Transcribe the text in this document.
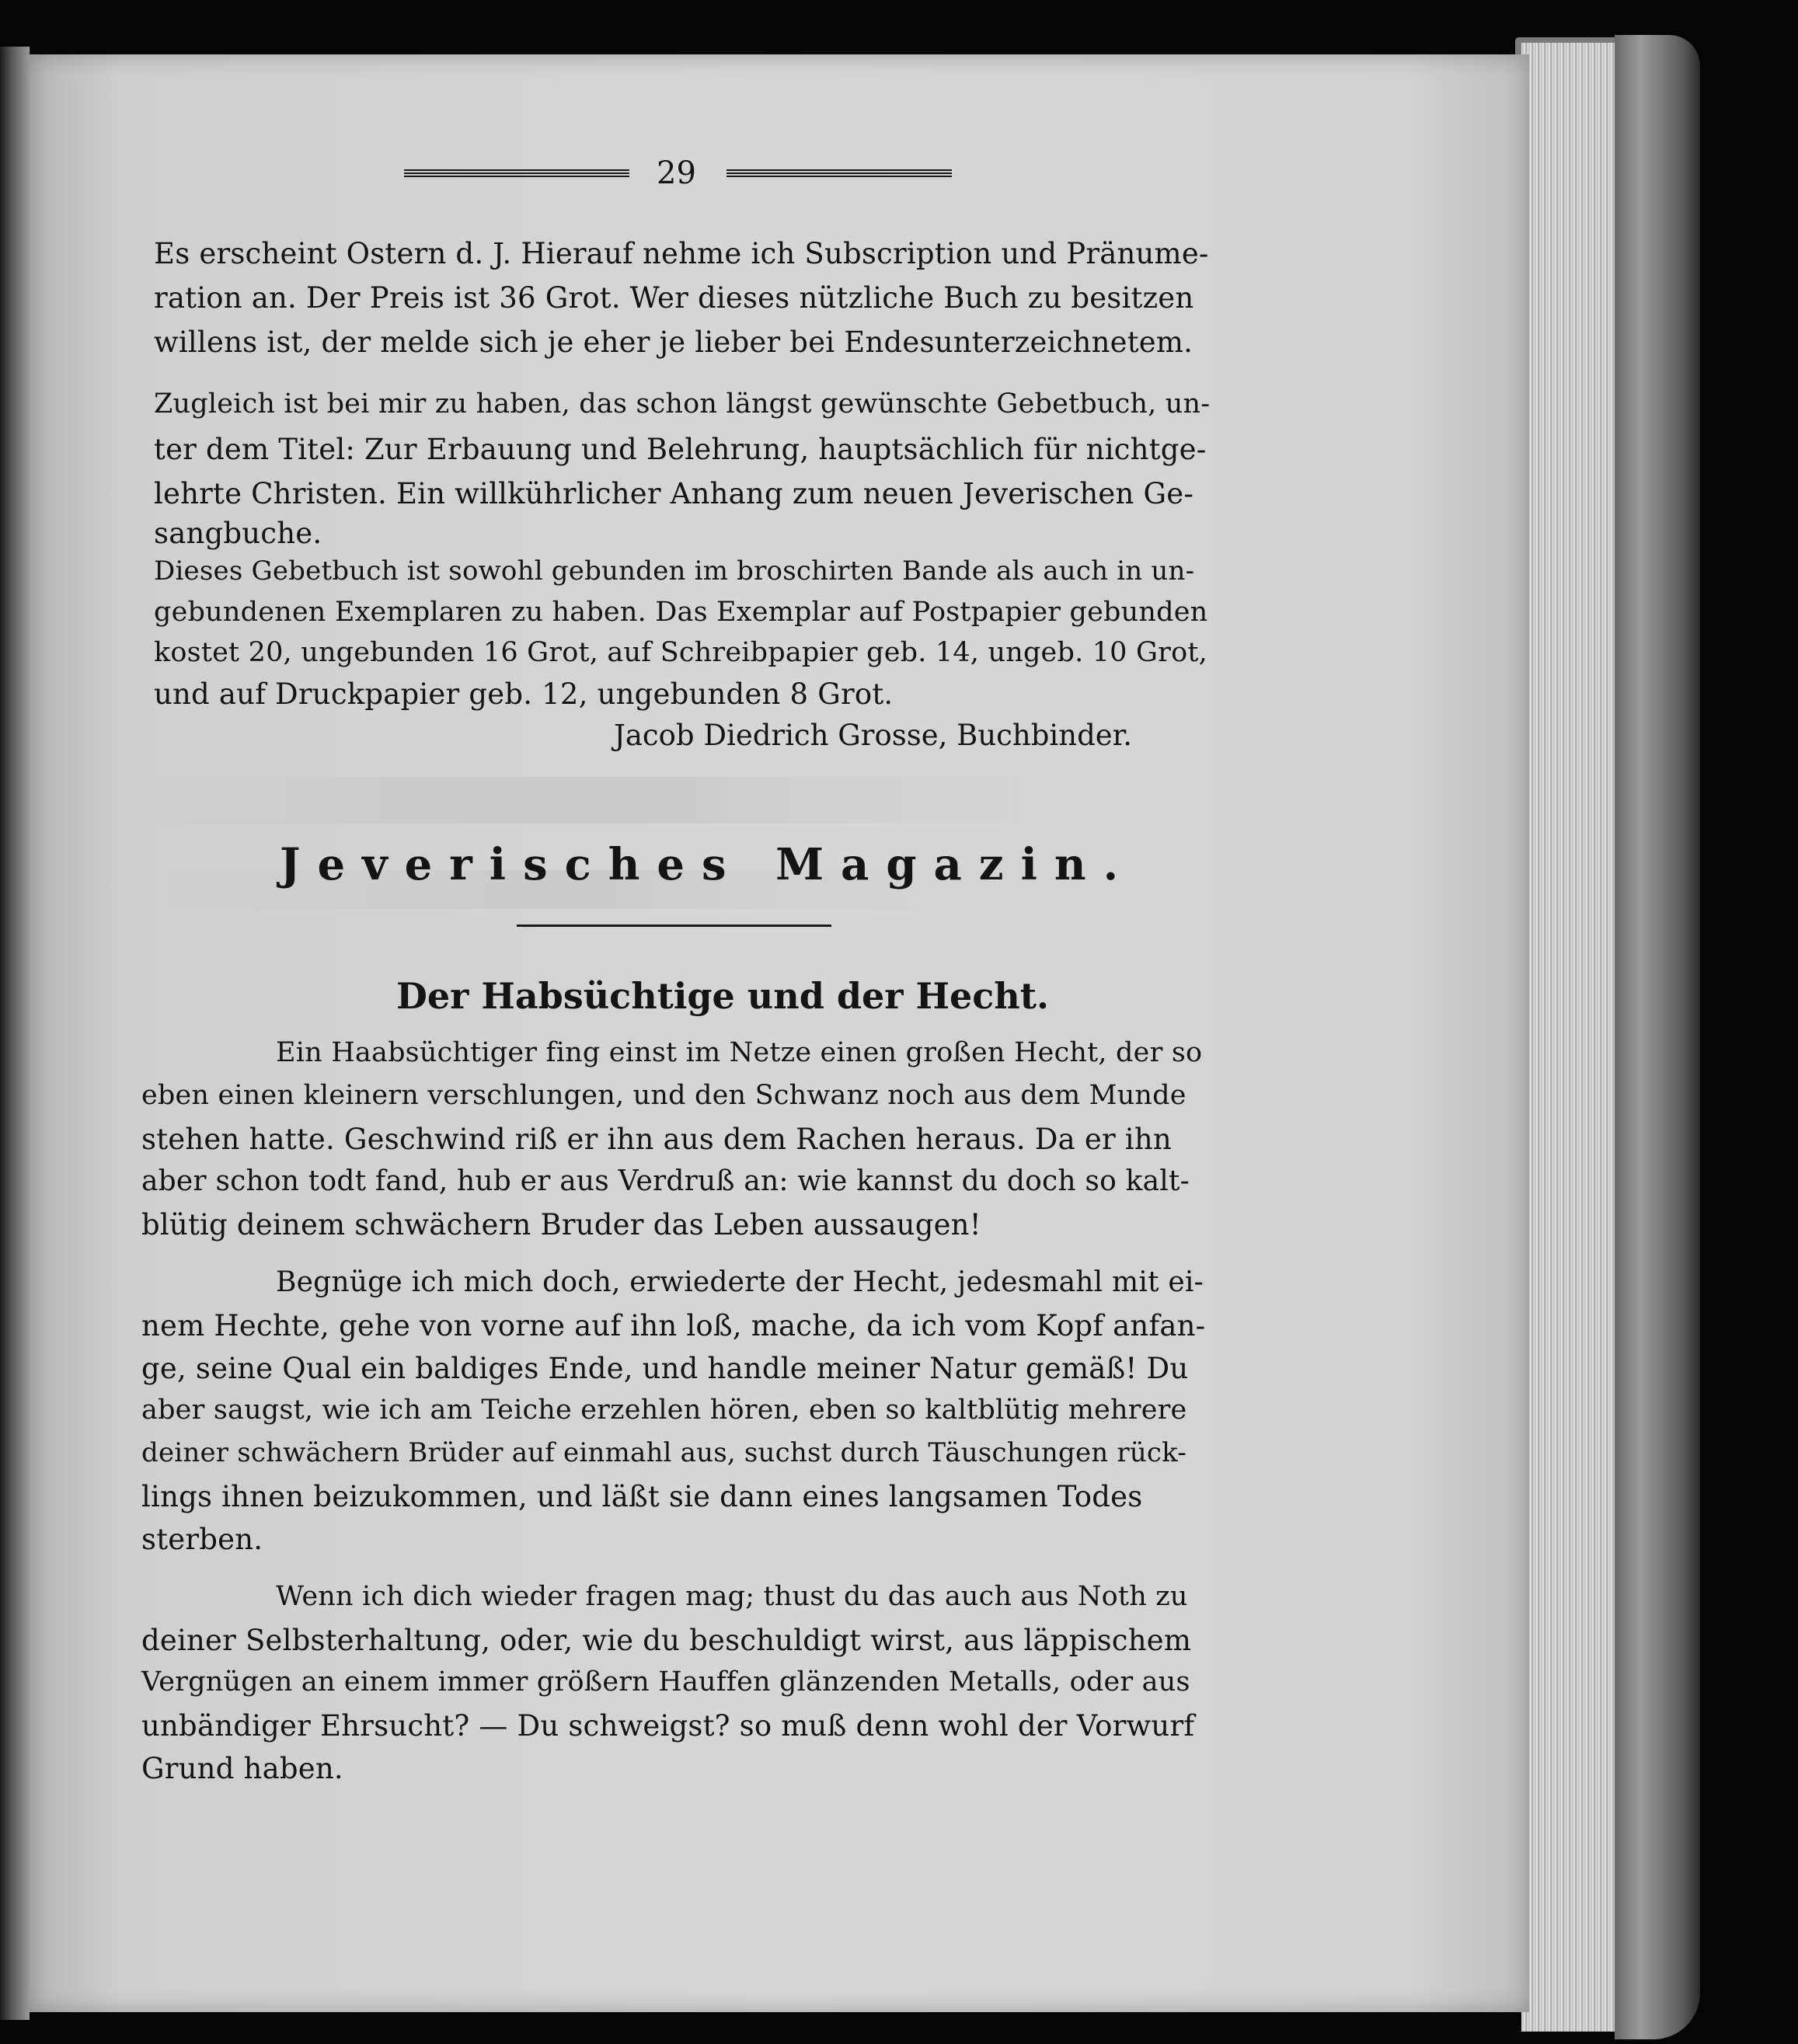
29
Es erscheint Ostern d. J. Hierauf nehme ich Subscription und Pränume-
ration an. Der Preis ist 36 Grot. Wer dieses nützliche Buch zu besitzen
willens ist, der melde sich je eher je lieber bei Endesunterzeichnetem.
Zugleich ist bei mir zu haben, das schon längst gewünschte Gebetbuch, un-
ter dem Titel: Zur Erbauung und Belehrung, hauptsächlich für nichtge-
lehrte Christen. Ein willkührlicher Anhang zum neuen Jeverischen Ge-
sangbuche.
Dieses Gebetbuch ist sowohl gebunden im broschirten Bande als auch in un-
gebundenen Exemplaren zu haben. Das Exemplar auf Postpapier gebunden
kostet 20, ungebunden 16 Grot, auf Schreibpapier geb. 14, ungeb. 10 Grot,
und auf Druckpapier geb. 12, ungebunden 8 Grot.
Jacob Diedrich Grosse, Buchbinder.
Jeverisches Magazin.
Der Habsüchtige und der Hecht.
Ein Haabsüchtiger fing einst im Netze einen großen Hecht, der so
eben einen kleinern verschlungen, und den Schwanz noch aus dem Munde
stehen hatte. Geschwind riß er ihn aus dem Rachen heraus. Da er ihn
aber schon todt fand, hub er aus Verdruß an: wie kannst du doch so kalt-
blütig deinem schwächern Bruder das Leben aussaugen!
Begnüge ich mich doch, erwiederte der Hecht, jedesmahl mit ei-
nem Hechte, gehe von vorne auf ihn loß, mache, da ich vom Kopf anfan-
ge, seine Qual ein baldiges Ende, und handle meiner Natur gemäß! Du
aber saugst, wie ich am Teiche erzehlen hören, eben so kaltblütig mehrere
deiner schwächern Brüder auf einmahl aus, suchst durch Täuschungen rück-
lings ihnen beizukommen, und läßt sie dann eines langsamen Todes
sterben.
Wenn ich dich wieder fragen mag; thust du das auch aus Noth zu
deiner Selbsterhaltung, oder, wie du beschuldigt wirst, aus läppischem
Vergnügen an einem immer größern Hauffen glänzenden Metalls, oder aus
unbändiger Ehrsucht? — Du schweigst? so muß denn wohl der Vorwurf
Grund haben.
